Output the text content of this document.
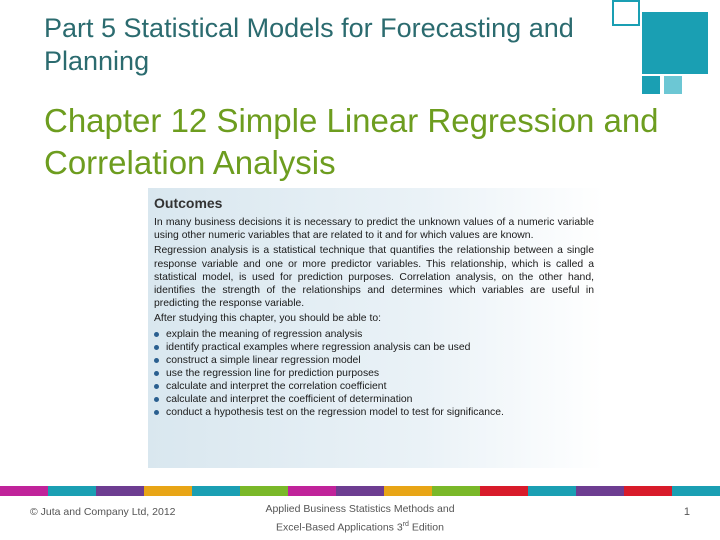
Part 5 Statistical Models for Forecasting and Planning
Chapter 12 Simple Linear Regression and Correlation Analysis
Outcomes

In many business decisions it is necessary to predict the unknown values of a numeric variable using other numeric variables that are related to it and for which values are known.

Regression analysis is a statistical technique that quantifies the relationship between a single response variable and one or more predictor variables. This relationship, which is called a statistical model, is used for prediction purposes. Correlation analysis, on the other hand, identifies the strength of the relationships and determines which variables are useful in predicting the response variable.

After studying this chapter, you should be able to:

explain the meaning of regression analysis
identify practical examples where regression analysis can be used
construct a simple linear regression model
use the regression line for prediction purposes
calculate and interpret the correlation coefficient
calculate and interpret the coefficient of determination
conduct a hypothesis test on the regression model to test for significance.
© Juta and Company Ltd, 2012	Applied Business Statistics Methods and
Excel-Based Applications 3rd Edition
1
